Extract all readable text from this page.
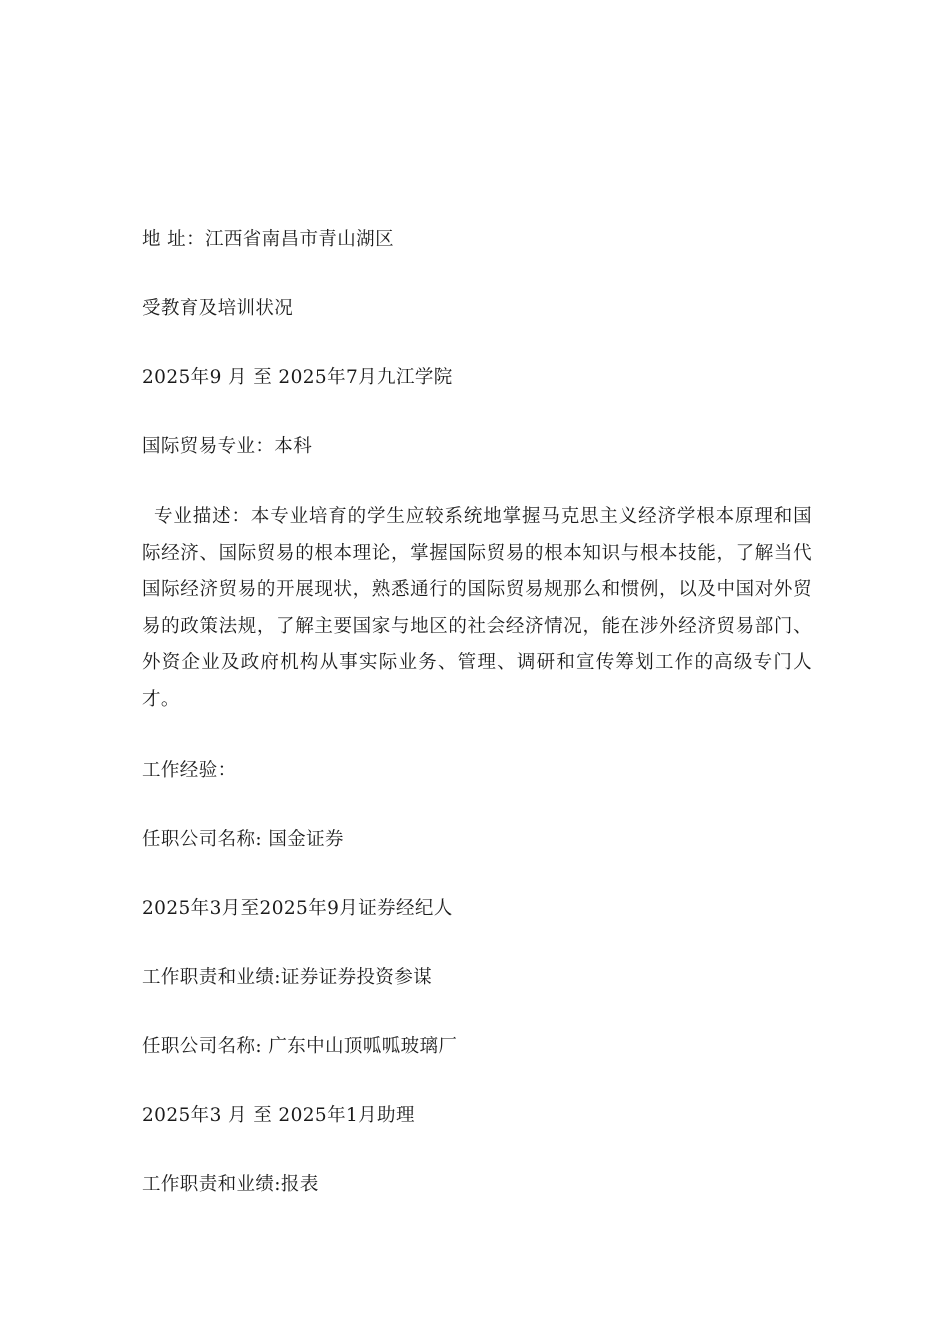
地 址：江西省南昌市青山湖区
受教育及培训状况
2025年9 月 至 2025年7月九江学院
国际贸易专业：本科
专业描述：本专业培育的学生应较系统地掌握马克思主义经济学根本原理和国际经济、国际贸易的根本理论，掌握国际贸易的根本知识与根本技能，了解当代国际经济贸易的开展现状，熟悉通行的国际贸易规那么和惯例，以及中国对外贸易的政策法规，了解主要国家与地区的社会经济情况，能在涉外经济贸易部门、外资企业及政府机构从事实际业务、管理、调研和宣传筹划工作的高级专门人才。
工作经验：
任职公司名称: 国金证券
2025年3月至2025年9月证券经纪人
工作职责和业绩:证券证券投资参谋
任职公司名称: 广东中山顶呱呱玻璃厂
2025年3 月 至 2025年1月助理
工作职责和业绩:报表
